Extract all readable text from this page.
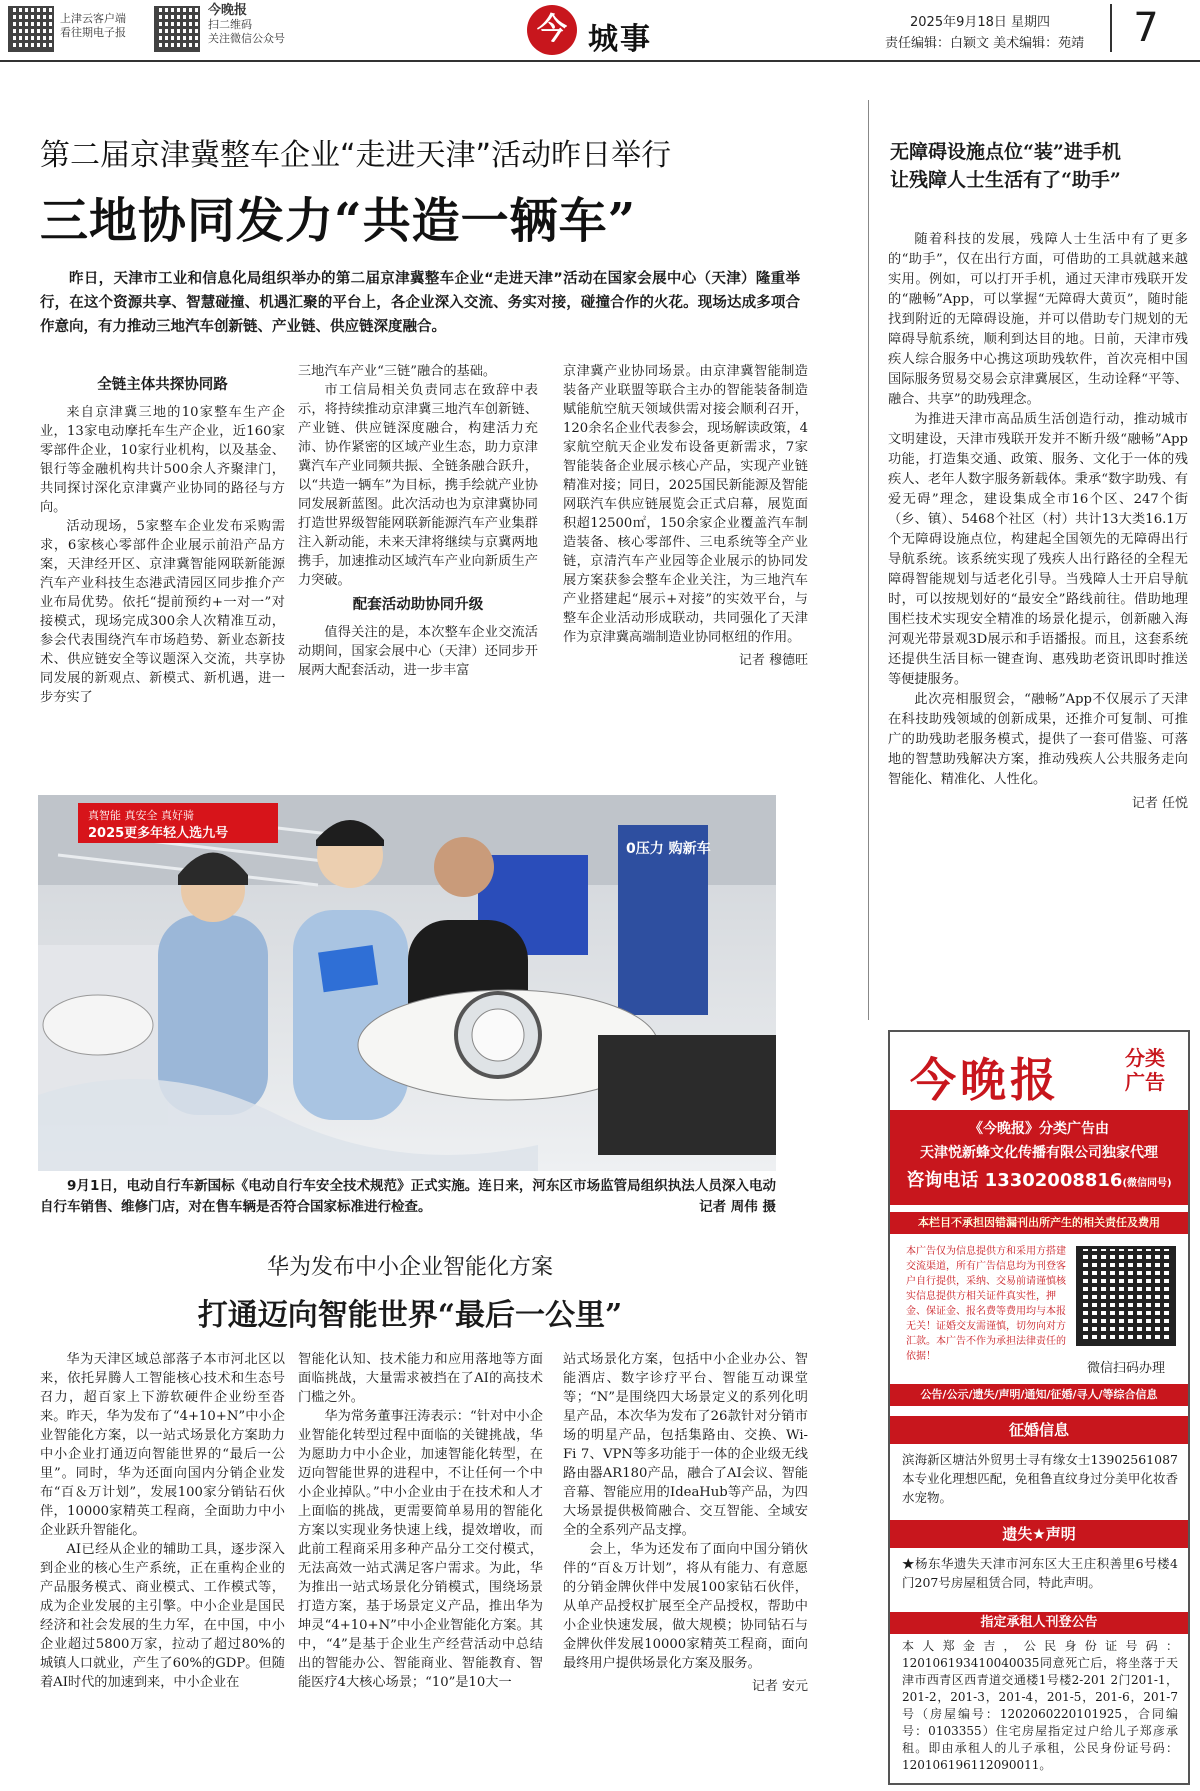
上津云客户端
看往期电子报
今晚报
扫二维码
关注微信公众号	今 城事	2025年9月18日 星期四
责任编辑：白颖文 美术编辑：苑靖	7
第二届京津冀整车企业“走进天津”活动昨日举行
三地协同发力“共造一辆车”
昨日，天津市工业和信息化局组织举办的第二届京津冀整车企业“走进天津”活动在国家会展中心（天津）隆重举行，在这个资源共享、智慧碰撞、机遇汇聚的平台上，各企业深入交流、务实对接，碰撞合作的火花。现场达成多项合作意向，有力推动三地汽车创新链、产业链、供应链深度融合。
全链主体共探协同路

来自京津冀三地的10家整车生产企业，13家电动摩托车生产企业，近160家零部件企业，10家行业机构，以及基金、银行等金融机构共计500余人齐聚津门，共同探讨深化京津冀产业协同的路径与方向。

活动现场，5家整车企业发布采购需求，6家核心零部件企业展示前沿产品方案，天津经开区、京津冀智能网联新能源汽车产业科技生态港武清园区同步推介产业布局优势。依托“提前预约+一对一”对接模式，现场完成300余人次精准互动，参会代表围绕汽车市场趋势、新业态新技术、供应链安全等议题深入交流，共享协同发展的新观点、新模式、新机遇，进一步夯实了

三地汽车产业“三链”融合的基础。

市工信局相关负责同志在致辞中表示，将持续推动京津冀三地汽车创新链、产业链、供应链深度融合，构建活力充沛、协作紧密的区域产业生态，助力京津冀汽车产业同频共振、全链条融合跃升，以“共造一辆车”为目标，携手绘就产业协同发展新蓝图。此次活动也为京津冀协同打造世界级智能网联新能源汽车产业集群注入新动能，未来天津将继续与京冀两地携手，加速推动区域汽车产业向新质生产力突破。

配套活动助协同升级

值得关注的是，本次整车企业交流活动期间，国家会展中心（天津）还同步开展两大配套活动，进一步丰富

京津冀产业协同场景。由京津冀智能制造装备产业联盟等联合主办的智能装备制造赋能航空航天领域供需对接会顺利召开，120余名企业代表参会，现场解读政策，4家航空航天企业发布设备更新需求，7家智能装备企业展示核心产品，实现产业链精准对接；同日，2025国民新能源及智能网联汽车供应链展览会正式启幕，展览面积超12500㎡，150余家企业覆盖汽车制造装备、核心零部件、三电系统等全产业链，京清汽车产业园等企业展示的协同发展方案获参会整车企业关注，为三地汽车产业搭建起“展示+对接”的实效平台，与整车企业活动形成联动，共同强化了天津作为京津冀高端制造业协同枢纽的作用。

记者 穆德旺
真智能 真安全 真好骑
2025更多年轻人选九号
0压力 购新车
9月1日，电动自行车新国标《电动自行车安全技术规范》正式实施。连日来，河东区市场监管局组织执法人员深入电动自行车销售、维修门店，对在售车辆是否符合国家标准进行检查。	记者 周伟 摄
华为发布中小企业智能化方案
打通迈向智能世界“最后一公里”

华为天津区域总部落子本市河北区以来，依托昇腾人工智能核心技术和生态号召力，超百家上下游软硬件企业纷至沓来。昨天，华为发布了“4+10+N”中小企业智能化方案，以一站式场景化方案助力中小企业打通迈向智能世界的“最后一公里”。同时，华为还面向国内分销企业发布“百＆万计划”，发展100家分销钻石伙伴，10000家精英工程商，全面助力中小企业跃升智能化。

AI已经从企业的辅助工具，逐步深入到企业的核心生产系统，正在重构企业的产品服务模式、商业模式、工作模式等，成为企业发展的主引擎。中小企业是国民经济和社会发展的生力军，在中国，中小企业超过5800万家，拉动了超过80%的城镇人口就业，产生了60%的GDP。但随着AI时代的加速到来，中小企业在

智能化认知、技术能力和应用落地等方面面临挑战，大量需求被挡在了AI的高技术门槛之外。

华为常务董事汪涛表示：“针对中小企业智能化转型过程中面临的关键挑战，华为愿助力中小企业，加速智能化转型，在迈向智能世界的进程中，不让任何一个中小企业掉队。”中小企业由于在技术和人才上面临的挑战，更需要简单易用的智能化方案以实现业务快速上线，提效增收，而此前工程商采用多种产品分工交付模式，无法高效一站式满足客户需求。为此，华为推出一站式场景化分销模式，围绕场景打造方案，基于场景定义产品，推出华为坤灵“4+10+N”中小企业智能化方案。其中，“4”是基于企业生产经营活动中总结出的智能办公、智能商业、智能教育、智能医疗4大核心场景；“10”是10大一

站式场景化方案，包括中小企业办公、智能酒店、数字诊疗平台、智能互动课堂等；“N”是围绕四大场景定义的系列化明星产品，本次华为发布了26款针对分销市场的明星产品，包括集路由、交换、Wi-Fi 7、VPN等多功能于一体的企业级无线路由器AR180产品，融合了AI会议、智能音幕、智能应用的IdeaHub等产品，为四大场景提供极简融合、交互智能、全域安全的全系列产品支撑。

会上，华为还发布了面向中国分销伙伴的“百＆万计划”，将从有能力、有意愿的分销金牌伙伴中发展100家钻石伙伴，从单产品授权扩展至全产品授权，帮助中小企业快速发展，做大规模；协同钻石与金牌伙伴发展10000家精英工程商，面向最终用户提供场景化方案及服务。

记者 安元
无障碍设施点位“装”进手机
让残障人士生活有了“助手”

随着科技的发展，残障人士生活中有了更多的“助手”，仅在出行方面，可借助的工具就越来越实用。例如，可以打开手机，通过天津市残联开发的“融畅”App，可以掌握“无障碍大黄页”，随时能找到附近的无障碍设施，并可以借助专门规划的无障碍导航系统，顺利到达目的地。日前，天津市残疾人综合服务中心携这项助残软件，首次亮相中国国际服务贸易交易会京津冀展区，生动诠释“平等、融合、共享”的助残理念。

为推进天津市高品质生活创造行动，推动城市文明建设，天津市残联开发并不断升级“融畅”App功能，打造集交通、政策、服务、文化于一体的残疾人、老年人数字服务新载体。秉承“数字助残、有爱无碍”理念，建设集成全市16个区、247个街（乡、镇）、5468个社区（村）共计13大类16.1万个无障碍设施点位，构建起全国领先的无障碍出行导航系统。该系统实现了残疾人出行路径的全程无障碍智能规划与适老化引导。当残障人士开启导航时，可以按规划好的“最安全”路线前往。借助地理围栏技术实现安全精准的场景化提示，创新融入海河观光带景观3D展示和手语播报。而且，这套系统还提供生活目标一键查询、惠残助老资讯即时推送等便捷服务。

此次亮相服贸会，“融畅”App不仅展示了天津在科技助残领域的创新成果，还推介可复制、可推广的助残助老服务模式，提供了一套可借鉴、可落地的智慧助残解决方案，推动残疾人公共服务走向智能化、精准化、人性化。

记者 任悦
今晚报	分类
广告
《今晚报》分类广告由
天津悦新蜂文化传播有限公司独家代理
咨询电话 13302008816(微信同号)
本栏目不承担因错漏刊出所产生的相关责任及费用
本广告仅为信息提供方和采用方搭建交流渠道，所有广告信息均为刊登客户自行提供，采纳、交易前请谨慎核实信息提供方相关证件真实性，押金、保证金、报名费等费用均与本报无关！证婚交友需谨慎，切勿向对方汇款。本广告不作为承担法律责任的依据！
微信扫码办理
公告/公示/遗失/声明/通知/征婚/寻人/等综合信息
征婚信息
滨海新区塘沽外贸男士寻有缘女士13902561087 本专业化理想匹配，免租鲁直纹身过分美甲化妆香水宠物。
遗失★声明
★杨东华遗失天津市河东区大王庄积善里6号楼4门207号房屋租赁合同，特此声明。
指定承租人刊登公告
本人郑金吉，公民身份证号码：120106193410040035同意死亡后，将坐落于天津市西青区西青道交通楼1号楼2-201 2门201-1，201-2，201-3，201-4，201-5，201-6，201-7号（房屋编号：1202060220101925，合同编号：0103355）住宅房屋指定过户给儿子郑彦承租。即由承租人的儿子承租，公民身份证号码：120106196112090011。
